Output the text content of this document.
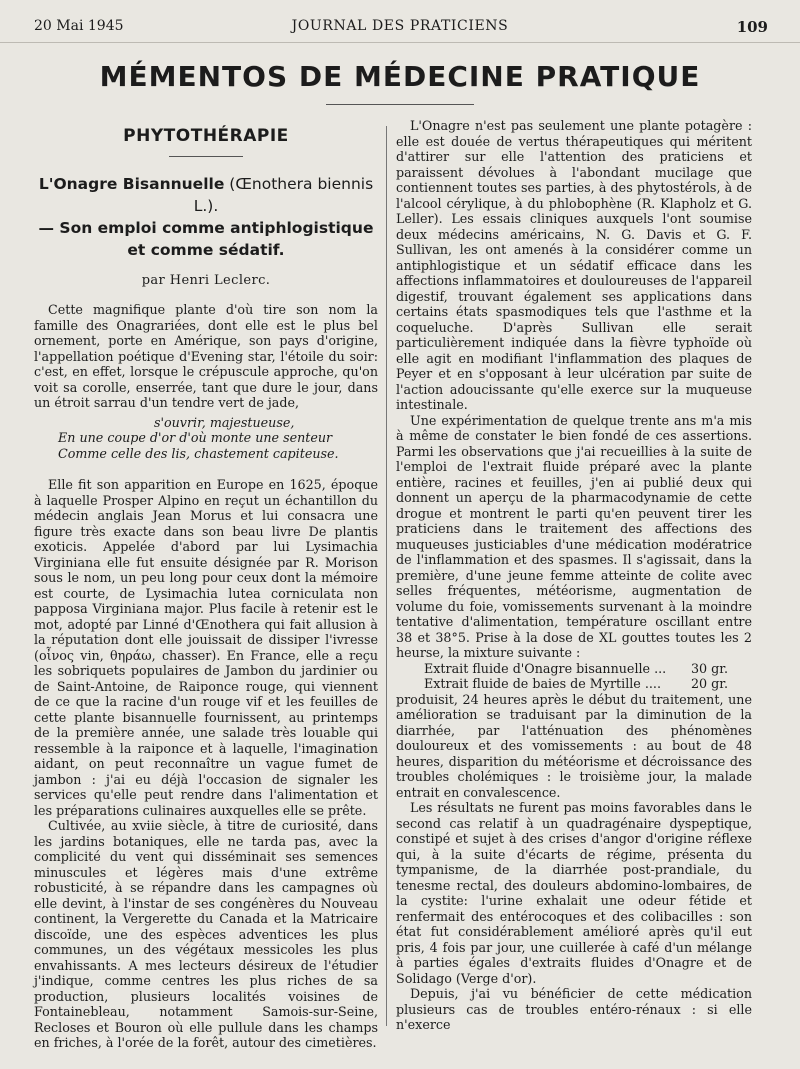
20 Mai 1945	JOURNAL DES PRATICIENS	109
MÉMENTOS DE MÉDECINE PRATIQUE
PHYTOTHÉRAPIE
L'Onagre Bisannuelle (Œnothera biennis L.).
— Son emploi comme antiphlogistique et comme sédatif.
par Henri Leclerc.

Cette magnifique plante d'où tire son nom la famille des Onagrariées, dont elle est le plus bel ornement, porte en Amérique, son pays d'origine, l'appellation poétique d'Evening star, l'étoile du soir: c'est, en effet, lorsque le crépuscule approche, qu'on voit sa corolle, enserrée, tant que dure le jour, dans un étroit sarrau d'un tendre vert de jade,

s'ouvrir, majestueuse,
En une coupe d'or d'où monte une senteur
Comme celle des lis, chastement capiteuse.

Elle fit son apparition en Europe en 1625, époque à laquelle Prosper Alpino en reçut un échantillon du médecin anglais Jean Morus et lui consacra une figure très exacte dans son beau livre De plantis exoticis. Appelée d'abord par lui Lysimachia Virginiana elle fut ensuite désignée par R. Morison sous le nom, un peu long pour ceux dont la mémoire est courte, de Lysimachia lutea corniculata non papposa Virginiana major. Plus facile à retenir est le mot, adopté par Linné d'Œnothera qui fait allusion à la réputation dont elle jouissait de dissiper l'ivresse (οἶνος vin, θηράω, chasser). En France, elle a reçu les sobriquets populaires de Jambon du jardinier ou de Saint-Antoine, de Raiponce rouge, qui viennent de ce que la racine d'un rouge vif et les feuilles de cette plante bisannuelle fournissent, au printemps de la première année, une salade très louable qui ressemble à la raiponce et à laquelle, l'imagination aidant, on peut reconnaître un vague fumet de jambon : j'ai eu déjà l'occasion de signaler les services qu'elle peut rendre dans l'alimentation et les préparations culinaires auxquelles elle se prête.

Cultivée, au xviie siècle, à titre de curiosité, dans les jardins botaniques, elle ne tarda pas, avec la complicité du vent qui disséminait ses semences minuscules et légères mais d'une extrême robusticité, à se répandre dans les campagnes où elle devint, à l'instar de ses congénères du Nouveau continent, la Vergerette du Canada et la Matricaire discoïde, une des espèces adventices les plus communes, un des végétaux messicoles les plus envahissants. A mes lecteurs désireux de l'étudier j'indique, comme centres les plus riches de sa production, plusieurs localités voisines de Fontainebleau, notamment Samois-sur-Seine, Recloses et Bouron où elle pullule dans les champs en friches, à l'orée de la forêt, autour des cimetières.

L'Onagre n'est pas seulement une plante potagère : elle est douée de vertus thérapeutiques qui méritent d'attirer sur elle l'attention des praticiens et paraissent dévolues à l'abondant mucilage que contiennent toutes ses parties, à des phytostérols, à de l'alcool cérylique, à du phlobophène (R. Klapholz et G. Leller). Les essais cliniques auxquels l'ont soumise deux médecins américains, N. G. Davis et G. F. Sullivan, les ont amenés à la considérer comme un antiphlogistique et un sédatif efficace dans les affections inflammatoires et douloureuses de l'appareil digestif, trouvant également ses applications dans certains états spasmodiques tels que l'asthme et la coqueluche. D'après Sullivan elle serait particulièrement indiquée dans la fièvre typhoïde où elle agit en modifiant l'inflammation des plaques de Peyer et en s'opposant à leur ulcération par suite de l'action adoucissante qu'elle exerce sur la muqueuse intestinale.

Une expérimentation de quelque trente ans m'a mis à même de constater le bien fondé de ces assertions. Parmi les observations que j'ai recueillies à la suite de l'emploi de l'extrait fluide préparé avec la plante entière, racines et feuilles, j'en ai publié deux qui donnent un aperçu de la pharmacodynamie de cette drogue et montrent le parti qu'en peuvent tirer les praticiens dans le traitement des affections des muqueuses justiciables d'une médication modératrice de l'inflammation et des spasmes. Il s'agissait, dans la première, d'une jeune femme atteinte de colite avec selles fréquentes, météorisme, augmentation de volume du foie, vomissements survenant à la moindre tentative d'alimentation, température oscillant entre 38 et 38°5. Prise à la dose de XL gouttes toutes les 2 heurse, la mixture suivante :

Extrait fluide d'Onagre bisannuelle ...	30 gr.
Extrait fluide de baies de Myrtille ....	20 gr.

produisit, 24 heures après le début du traitement, une amélioration se traduisant par la diminution de la diarrhée, par l'atténuation des phénomènes douloureux et des vomissements : au bout de 48 heures, disparition du météorisme et décroissance des troubles cholémiques : le troisième jour, la malade entrait en convalescence.

Les résultats ne furent pas moins favorables dans le second cas relatif à un quadragénaire dyspeptique, constipé et sujet à des crises d'angor d'origine réflexe qui, à la suite d'écarts de régime, présenta du tympanisme, de la diarrhée post-prandiale, du tenesme rectal, des douleurs abdomino-lombaires, de la cystite: l'urine exhalait une odeur fétide et renfermait des entérocoques et des colibacilles : son état fut considérablement amélioré après qu'il eut pris, 4 fois par jour, une cuillerée à café d'un mélange à parties égales d'extraits fluides d'Onagre et de Solidago (Verge d'or).

Depuis, j'ai vu bénéficier de cette médication plusieurs cas de troubles entéro-rénaux : si elle n'exerce
